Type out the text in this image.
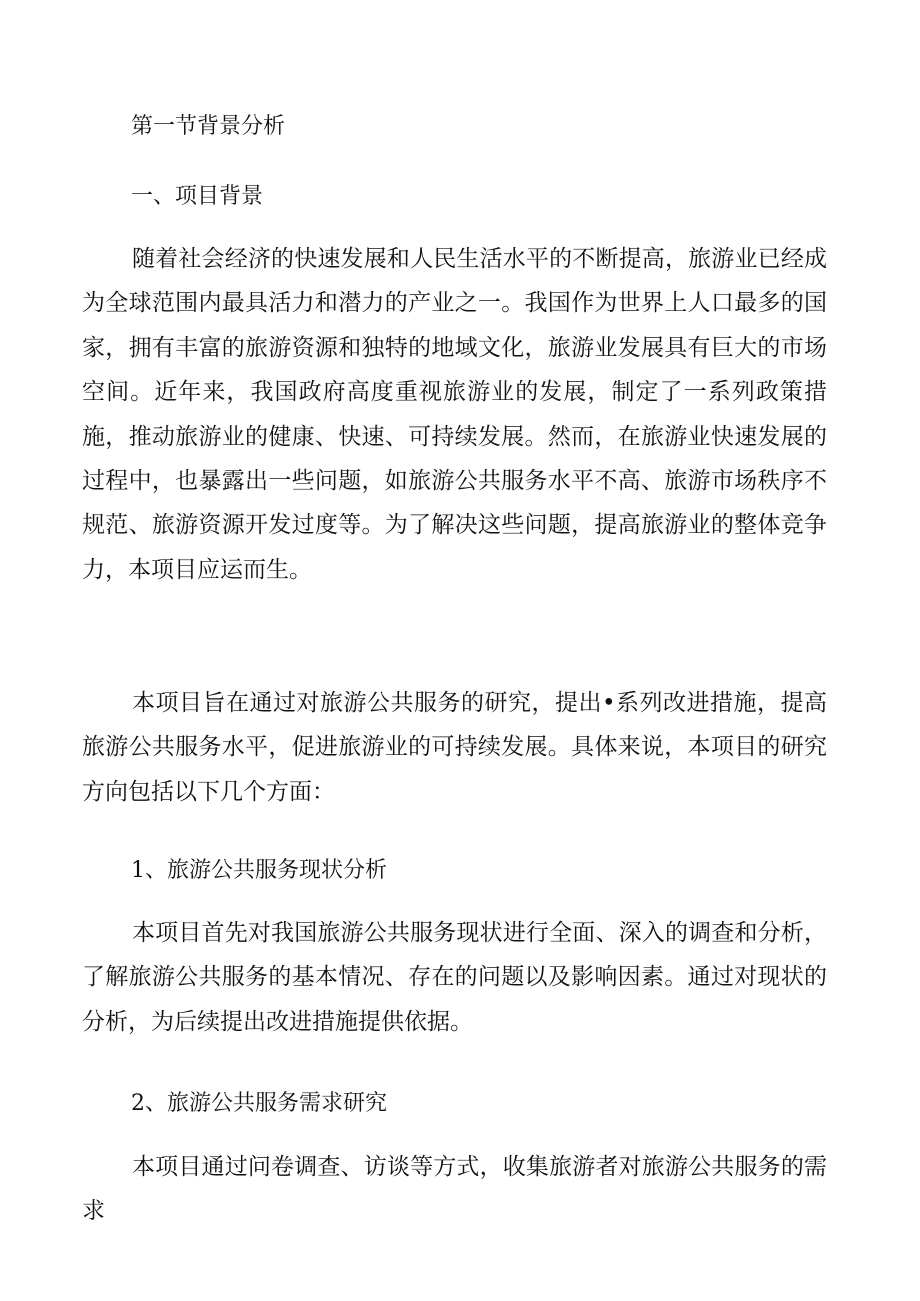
第一节背景分析
一、项目背景

随着社会经济的快速发展和人民生活水平的不断提高，旅游业已经成为全球范围内最具活力和潜力的产业之一。我国作为世界上人口最多的国家，拥有丰富的旅游资源和独特的地域文化，旅游业发展具有巨大的市场空间。近年来，我国政府高度重视旅游业的发展，制定了一系列政策措施，推动旅游业的健康、快速、可持续发展。然而，在旅游业快速发展的过程中，也暴露出一些问题，如旅游公共服务水平不高、旅游市场秩序不规范、旅游资源开发过度等。为了解决这些问题，提高旅游业的整体竞争力，本项目应运而生。

本项目旨在通过对旅游公共服务的研究，提出•系列改进措施，提高旅游公共服务水平，促进旅游业的可持续发展。具体来说，本项目的研究方向包括以下几个方面：

1、旅游公共服务现状分析

本项目首先对我国旅游公共服务现状进行全面、深入的调查和分析，了解旅游公共服务的基本情况、存在的问题以及影响因素。通过对现状的分析，为后续提出改进措施提供依据。

2、旅游公共服务需求研究

本项目通过问卷调查、访谈等方式，收集旅游者对旅游公共服务的需求
